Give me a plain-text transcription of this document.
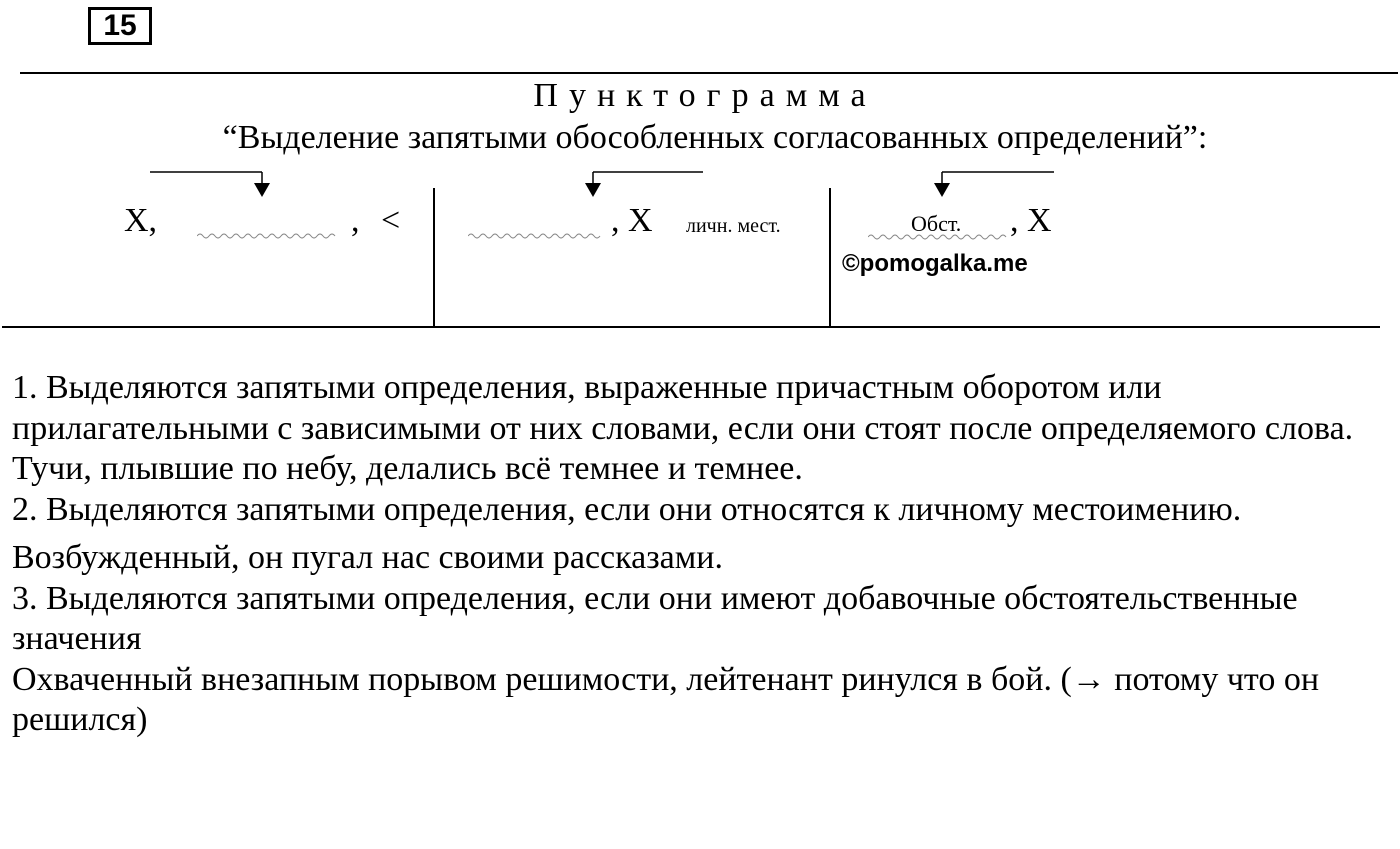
15
Пунктограмма
“Выделение запятыми обособленных согласованных определений”:
X,	, <	, X личн. мест.	Обст. , X
©pomogalka.me

1. Выделяются запятыми определения, выраженные причастным оборотом или прилагательными с зависимыми от них словами, если они стоят после определяемого слова.

Тучи, плывшие по небу, делались всё темнее и темнее.

2. Выделяются запятыми определения, если они относятся к личному местоимению.

Возбужденный, он пугал нас своими рассказами.

3. Выделяются запятыми определения, если они имеют добавочные обстоятельственные значения

Охваченный внезапным порывом решимости, лейтенант ринулся в бой. (→ потому что он решился)
